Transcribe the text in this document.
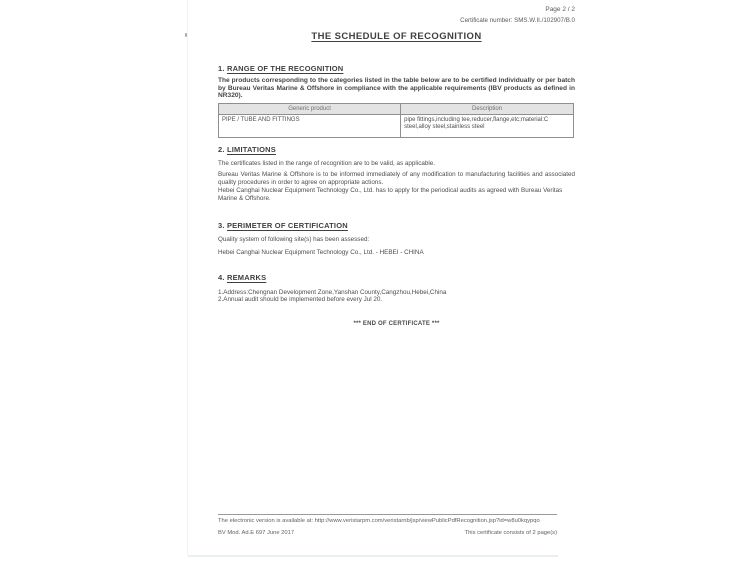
Page 2 / 2
Certificate number: SMS.W.II./102907/B.0
THE SCHEDULE OF RECOGNITION
1. RANGE OF THE RECOGNITION
The products corresponding to the categories listed in the table below are to be certified individually or per batch by Bureau Veritas Marine & Offshore in compliance with the applicable requirements (IBV products as defined in NR320).
Generic product	Description
PIPE / TUBE AND FITTINGS	pipe fittings,including tee,reducer,flange,etc;material:C steel,alloy steel,stainless steel
2. LIMITATIONS
The certificates listed in the range of recognition are to be valid, as applicable.
Bureau Veritas Marine & Offshore is to be informed immediately of any modification to manufacturing facilities and associated quality procedures in order to agree on appropriate actions.
Hebei Canghai Nuclear Equipment Technology Co., Ltd. has to apply for the periodical audits as agreed with Bureau Veritas Marine & Offshore.
3. PERIMETER OF CERTIFICATION
Quality system of following site(s) has been assessed:
Hebei Canghai Nuclear Equipment Technology Co., Ltd. - HEBEI - CHINA
4. REMARKS
1.Address:Chengnan Development Zone,Yanshan County,Cangzhou,Hebei,China
2.Annual audit should be implemented before every Jul 20.
*** END OF CERTIFICATE ***
The electronic version is available at: http://www.veristarpm.com/veristarnb/jsp/viewPublicPdfRecognition.jsp?id=w8u0kqypqo
BV Mod. Ad.E 697 June 2017	This certificate consists of 2 page(s)
